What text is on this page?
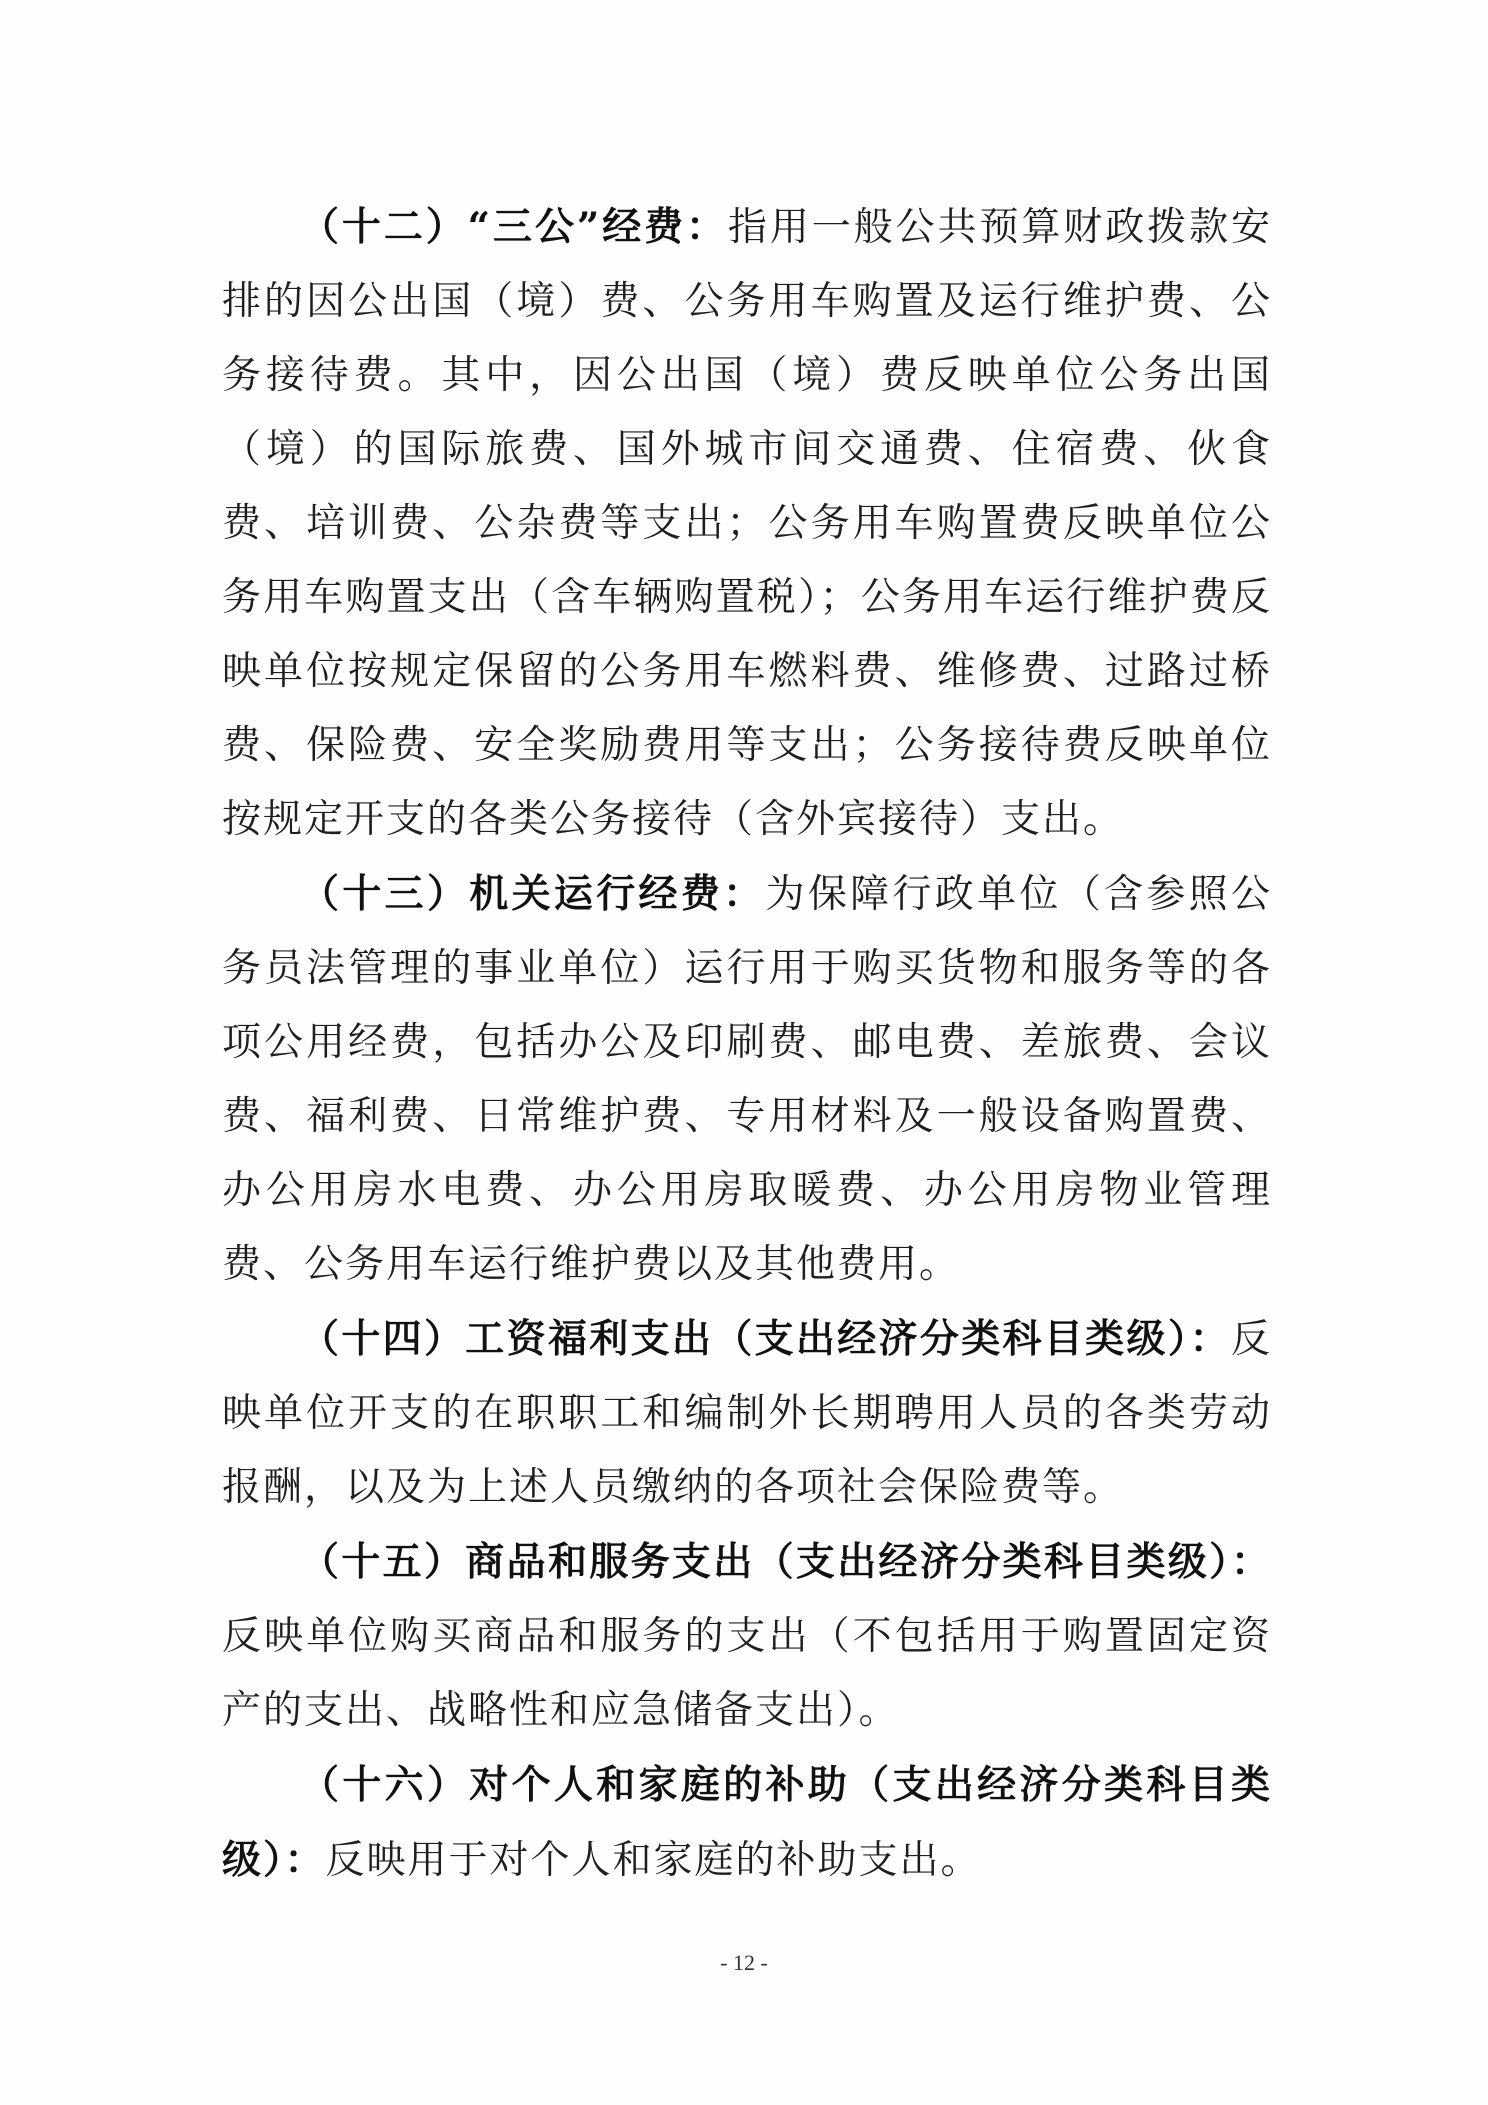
（十二）“三公”经费：指用一般公共预算财政拨款安排的因公出国（境）费、公务用车购置及运行维护费、公务接待费。其中，因公出国（境）费反映单位公务出国（境）的国际旅费、国外城市间交通费、住宿费、伙食费、培训费、公杂费等支出；公务用车购置费反映单位公务用车购置支出（含车辆购置税）；公务用车运行维护费反映单位按规定保留的公务用车燃料费、维修费、过路过桥费、保险费、安全奖励费用等支出；公务接待费反映单位按规定开支的各类公务接待（含外宾接待）支出。

（十三）机关运行经费：为保障行政单位（含参照公务员法管理的事业单位）运行用于购买货物和服务等的各项公用经费，包括办公及印刷费、邮电费、差旅费、会议费、福利费、日常维护费、专用材料及一般设备购置费、办公用房水电费、办公用房取暖费、办公用房物业管理费、公务用车运行维护费以及其他费用。

（十四）工资福利支出（支出经济分类科目类级）：反映单位开支的在职职工和编制外长期聘用人员的各类劳动报酬，以及为上述人员缴纳的各项社会保险费等。

（十五）商品和服务支出（支出经济分类科目类级）：反映单位购买商品和服务的支出（不包括用于购置固定资产的支出、战略性和应急储备支出）。

（十六）对个人和家庭的补助（支出经济分类科目类级）：反映用于对个人和家庭的补助支出。

- 12 -
